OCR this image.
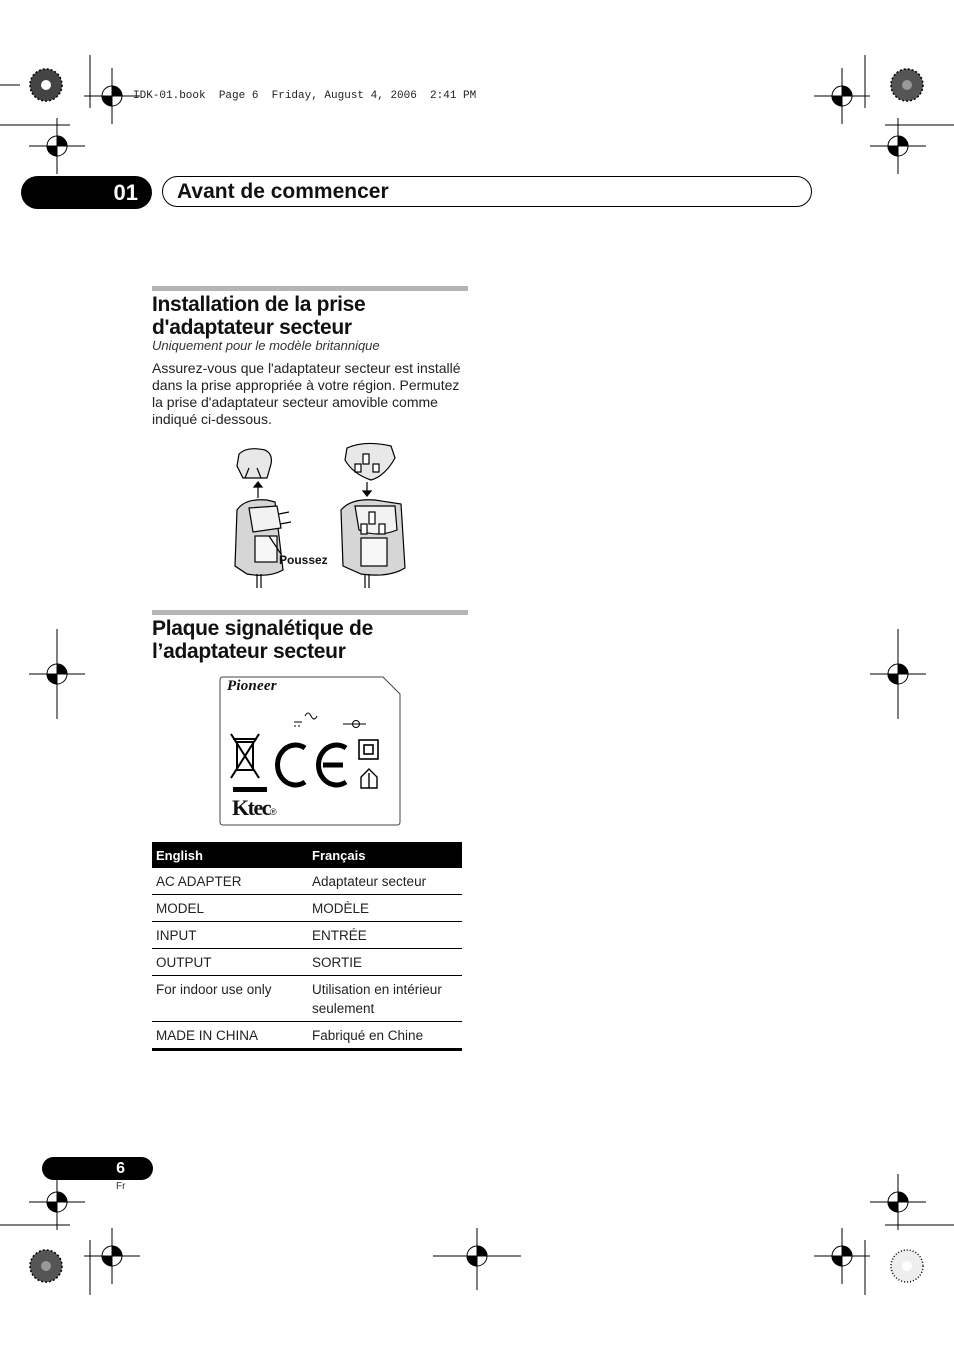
IDK-01.book  Page 6  Friday, August 4, 2006  2:41 PM
01	Avant de commencer
Installation de la prise
d'adaptateur secteur
Uniquement pour le modèle britannique
Assurez-vous que l'adaptateur secteur est installé dans la prise appropriée à votre région. Permutez la prise d'adaptateur secteur amovible comme indiqué ci-dessous.
Poussez
Plaque signalétique de
l’adaptateur secteur
Pioneer
Ktec®
English	Français
AC ADAPTER	Adaptateur secteur
MODEL	MODÈLE
INPUT	ENTRÉE
OUTPUT	SORTIE
For indoor use only	Utilisation en intérieur seulement
MADE IN CHINA	Fabriqué en Chine
6
Fr
